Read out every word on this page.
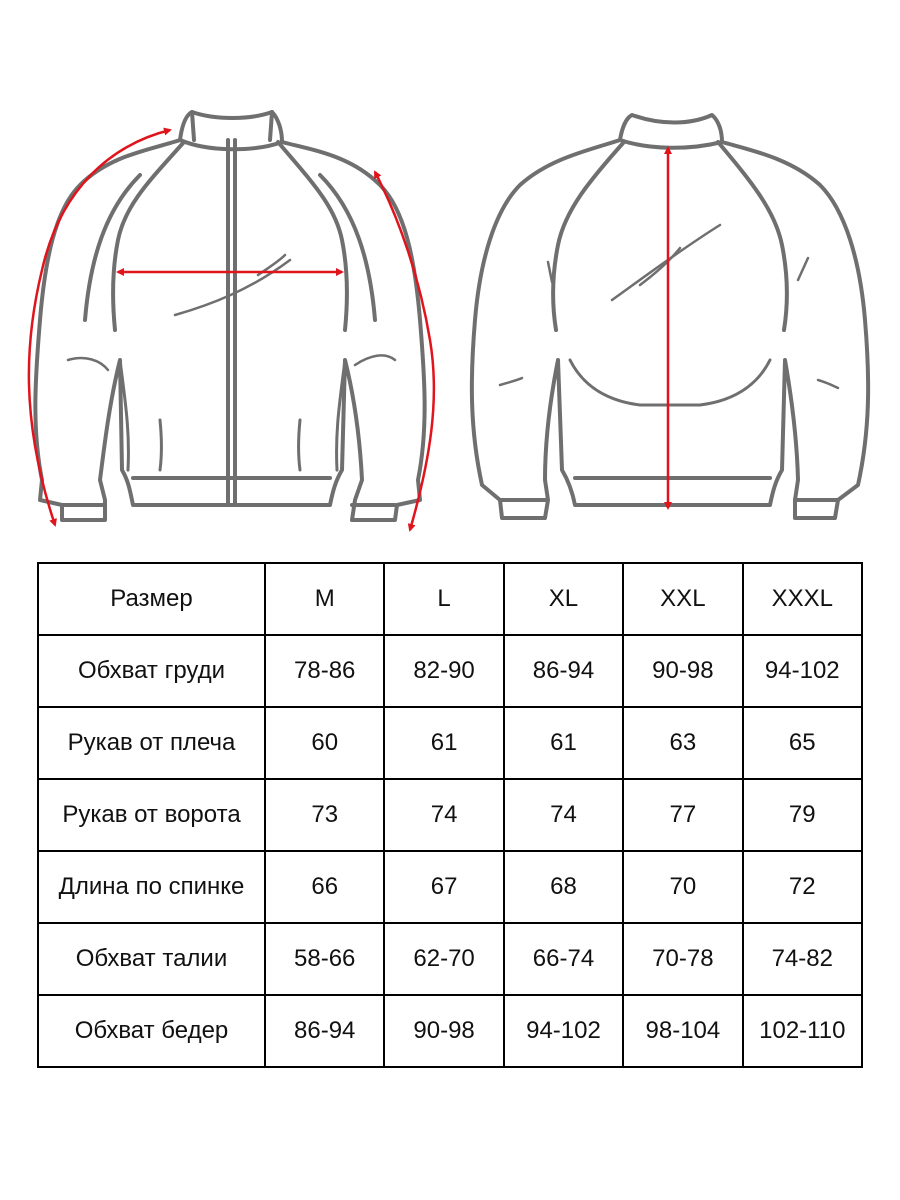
Размер	M	L	XL	XXL	XXXL
Обхват груди	78-86	82-90	86-94	90-98	94-102
Рукав от плеча	60	61	61	63	65
Рукав от ворота	73	74	74	77	79
Длина по спинке	66	67	68	70	72
Обхват талии	58-66	62-70	66-74	70-78	74-82
Обхват бедер	86-94	90-98	94-102	98-104	102-110
